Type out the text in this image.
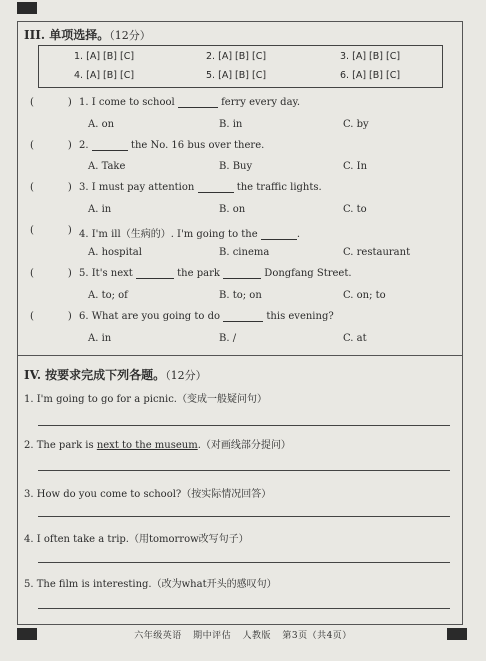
III. 单项选择。（12分）
1. [A] [B] [C]	2. [A] [B] [C]	3. [A] [B] [C]
4. [A] [B] [C]	5. [A] [B] [C]	6. [A] [B] [C]
(	) 1. I come to school	ferry every day.
A. on	B. in	C. by
(	) 2.	the No. 16 bus over there.
A. Take	B. Buy	C. In
(	) 3. I must pay attention	the traffic lights.
A. in	B. on	C. to
(	) 4. I'm ill（生病的）. I'm going to the	.
A. hospital	B. cinema	C. restaurant
(	) 5. It's next	the park	Dongfang Street.
A. to; of	B. to; on	C. on; to
(	) 6. What are you going to do	this evening?
A. in	B. /	C. at
IV. 按要求完成下列各题。（12分）
1. I'm going to go for a picnic.（变成一般疑问句）
2. The park is next to the museum.（对画线部分提问）
3. How do you come to school?（按实际情况回答）
4. I often take a trip.（用tomorrow改写句子）
5. The film is interesting.（改为what开头的感叹句）
六年级英语 期中评估 人教版 第3页（共4页）
